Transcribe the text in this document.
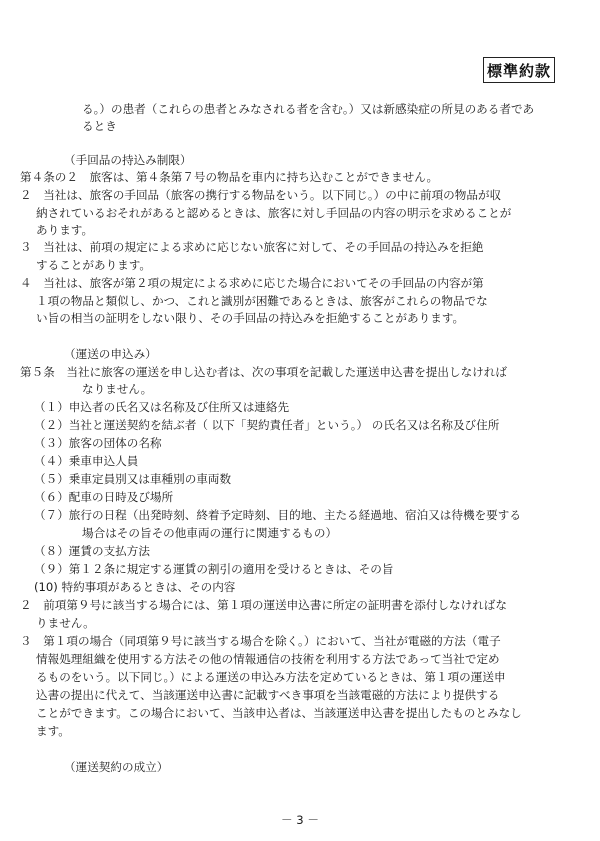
標準約款
る。）の患者（これらの患者とみなされる者を含む。）又は新感染症の所見のある者であ
るとき
（手回品の持込み制限）
第４条の２　旅客は、第４条第７号の物品を車内に持ち込むことができません。
２　当社は、旅客の手回品（旅客の携行する物品をいう。以下同じ。）の中に前項の物品が収
納されているおそれがあると認めるときは、旅客に対し手回品の内容の明示を求めることが
あります。
３　当社は、前項の規定による求めに応じない旅客に対して、その手回品の持込みを拒絶
することがあります。
４　当社は、旅客が第２項の規定による求めに応じた場合においてその手回品の内容が第
１項の物品と類似し、かつ、これと識別が困難であるときは、旅客がこれらの物品でな
い旨の相当の証明をしない限り、その手回品の持込みを拒絶することがあります。
（運送の申込み）
第５条　当社に旅客の運送を申し込む者は、次の事項を記載した運送申込書を提出しなければ
なりません。
（１）申込者の氏名又は名称及び住所又は連絡先
（２）当社と運送契約を結ぶ者（ 以下「契約責任者」という。） の氏名又は名称及び住所
（３）旅客の団体の名称
（４）乗車申込人員
（５）乗車定員別又は車種別の車両数
（６）配車の日時及び場所
（７）旅行の日程（出発時刻、終着予定時刻、目的地、主たる経過地、宿泊又は待機を要する
場合はその旨その他車両の運行に関連するもの）
（８）運賃の支払方法
（９）第１２条に規定する運賃の割引の適用を受けるときは、その旨
(10) 特約事項があるときは、その内容
２　前項第９号に該当する場合には、第１項の運送申込書に所定の証明書を添付しなければな
りません。
３　第１項の場合（同項第９号に該当する場合を除く。）において、当社が電磁的方法（電子
情報処理組織を使用する方法その他の情報通信の技術を利用する方法であって当社で定め
るものをいう。以下同じ。）による運送の申込み方法を定めているときは、第１項の運送申
込書の提出に代えて、当該運送申込書に記載すべき事項を当該電磁的方法により提供する
ことができます。この場合において、当該申込者は、当該運送申込書を提出したものとみなし
ます。
（運送契約の成立）
－ 3 －
